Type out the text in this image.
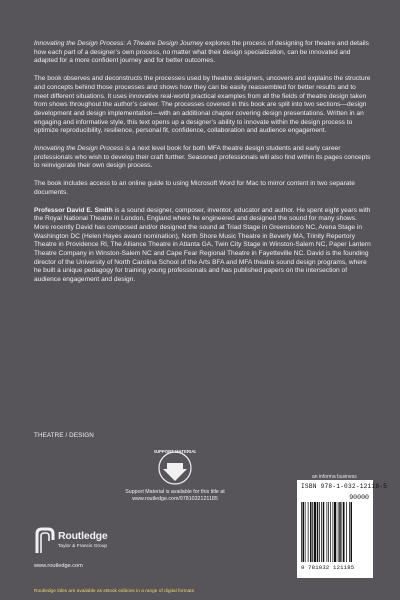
Innovating the Design Process: A Theatre Design Journey explores the process of designing for theatre and details how each part of a designer’s own process, no matter what their design specialization, can be innovated and adapted for a more confident journey and for better outcomes.

The book observes and deconstructs the processes used by theatre designers, uncovers and explains the structure and concepts behind those processes and shows how they can be easily reassembled for better results and to meet different situations. It uses innovative real-world practical examples from all the fields of theatre design taken from shows throughout the author’s career. The processes covered in this book are split into two sections—design development and design implementation—with an additional chapter covering design presentations. Written in an engaging and informative style, this text opens up a designer’s ability to innovate within the design process to optimize reproducibility, resilience, personal fit, confidence, collaboration and audience engagement.

Innovating the Design Process is a next level book for both MFA theatre design students and early career professionals who wish to develop their craft further. Seasoned professionals will also find within its pages concepts to reinvigorate their own design process.

The book includes access to an online guide to using Microsoft Word for Mac to mirror content in two separate documents.

Professor David E. Smith is a sound designer, composer, inventor, educator and author. He spent eight years with the Royal National Theatre in London, England where he engineered and designed the sound for many shows. More recently David has composed and/or designed the sound at Triad Stage in Greensboro NC, Arena Stage in Washington DC (Helen Hayes award nomination), North Shore Music Theatre in Beverly MA, Trinity Repertory Theatre in Providence RI, The Alliance Theatre in Atlanta GA, Twin City Stage in Winston-Salem NC, Paper Lantern Theatre Company in Winston-Salem NC and Cape Fear Regional Theatre in Fayetteville NC. David is the founding director of the University of North Carolina School of the Arts BFA and MFA theatre sound design programs, where he built a unique pedagogy for training young professionals and has published papers on the intersection of audience engagement and design.

THEATRE / DESIGN
SUPPORT MATERIAL
Support Material is available for this title at
www.routledge.com/9781032121185
an informa business
ISBN 978-1-032-12118-5
90000
9 781032 121185
Routledge
Taylor & Francis Group
www.routledge.com
Routledge titles are available as eBook editions in a range of digital formats
